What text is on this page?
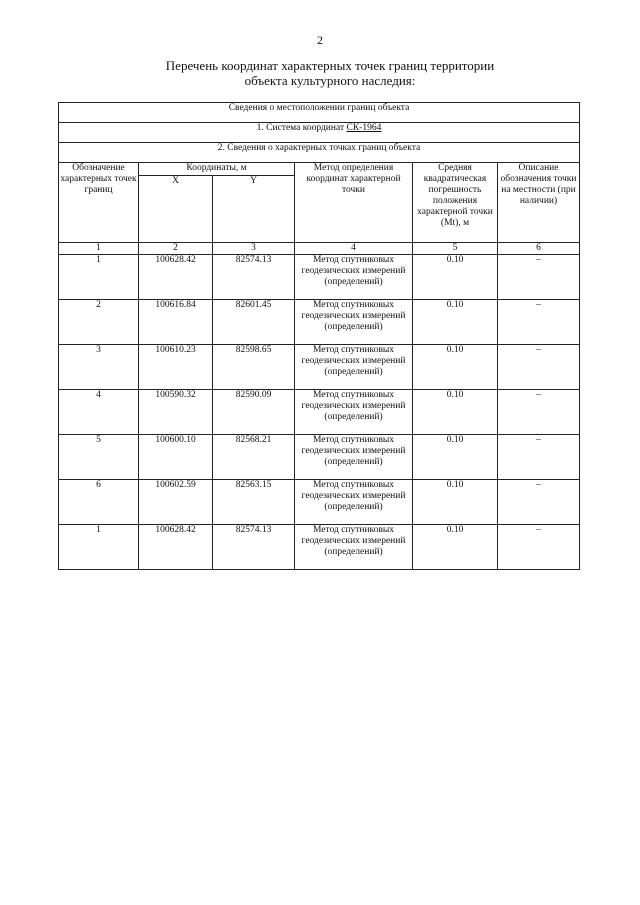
2
Перечень координат характерных точек границ территории
объекта культурного наследия:
Сведения о местоположении границ объекта					
1. Система координат СК-1964					
2. Сведения о характерных точках границ объекта					
Обозначение характерных точек границ	Координаты, м		Метод определения координат характерной точки	Средняя квадратическая погрешность положения характерной точки (Mt), м	Описание обозначения точки на местности (при наличии)
	X	Y			
1	2	3	4	5	6
1	100628.42	82574.13	Метод спутниковых геодезических измерений (определений)	0.10	–
2	100616.84	82601.45	Метод спутниковых геодезических измерений (определений)	0.10	–
3	100610.23	82598.65	Метод спутниковых геодезических измерений (определений)	0.10	–
4	100590.32	82590.09	Метод спутниковых геодезических измерений (определений)	0.10	–
5	100600.10	82568.21	Метод спутниковых геодезических измерений (определений)	0.10	–
6	100602.59	82563.15	Метод спутниковых геодезических измерений (определений)	0.10	–
1	100628.42	82574.13	Метод спутниковых геодезических измерений (определений)	0.10	–
